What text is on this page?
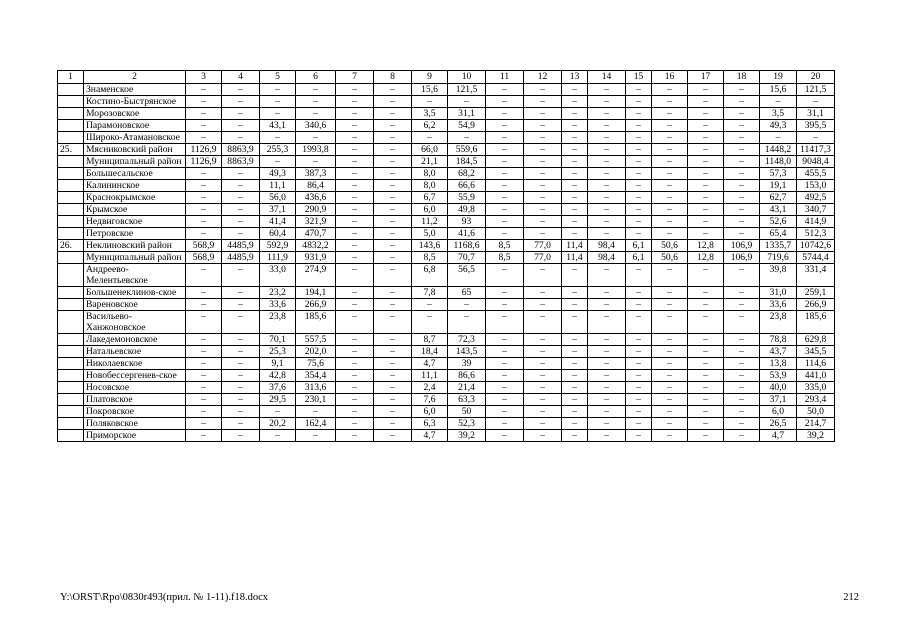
1	2	3	4	5	6	7	8	9	10	11	12	13	14	15	16	17	18	19	20
	Знаменское	–	–	–	–	–	–	15,6	121,5	–	–	–	–	–	–	–	–	15,6	121,5
	Костино-Быстрянское	–	–	–	–	–	–	–	–	–	–	–	–	–	–	–	–	–	–
	Морозовское	–	–	–	–	–	–	3,5	31,1	–	–	–	–	–	–	–	–	3,5	31,1
	Парамоновское	–	–	43,1	340,6	–	–	6,2	54,9	–	–	–	–	–	–	–	–	49,3	395,5
	Широко-Атамановское	–	–	–	–	–	–	–	–	–	–	–	–	–	–	–	–	–	–
25.	Мясниковский район	1126,9	8863,9	255,3	1993,8	–	–	66,0	559,6	–	–	–	–	–	–	–	–	1448,2	11417,3
	Муниципальный район	1126,9	8863,9	–	–	–	–	21,1	184,5	–	–	–	–	–	–	–	–	1148,0	9048,4
	Большесальское	–	–	49,3	387,3	–	–	8,0	68,2	–	–	–	–	–	–	–	–	57,3	455,5
	Калининское	–	–	11,1	86,4	–	–	8,0	66,6	–	–	–	–	–	–	–	–	19,1	153,0
	Краснокрымское	–	–	56,0	436,6	–	–	6,7	55,9	–	–	–	–	–	–	–	–	62,7	492,5
	Крымское	–	–	37,1	290,9	–	–	6,0	49,8	–	–	–	–	–	–	–	–	43,1	340,7
	Недвиговское	–	–	41,4	321,9	–	–	11,2	93	–	–	–	–	–	–	–	–	52,6	414,9
	Петровское	–	–	60,4	470,7	–	–	5,0	41,6	–	–	–	–	–	–	–	–	65,4	512,3
26.	Неклиновский район	568,9	4485,9	592,9	4832,2	–	–	143,6	1168,6	8,5	77,0	11,4	98,4	6,1	50,6	12,8	106,9	1335,7	10742,6
	Муниципальный район	568,9	4485,9	111,9	931,9	–	–	8,5	70,7	8,5	77,0	11,4	98,4	6,1	50,6	12,8	106,9	719,6	5744,4
	Андреево-Мелентьевское	–	–	33,0	274,9	–	–	6,8	56,5	–	–	–	–	–	–	–	–	39,8	331,4
	Большенеклинов-ское	–	–	23,2	194,1	–	–	7,8	65	–	–	–	–	–	–	–	–	31,0	259,1
	Вареновское	–	–	33,6	266,9	–	–	–	–	–	–	–	–	–	–	–	–	33,6	266,9
	Васильево-Ханжоновское	–	–	23,8	185,6	–	–	–	–	–	–	–	–	–	–	–	–	23,8	185,6
	Лакедемоновское	–	–	70,1	557,5	–	–	8,7	72,3	–	–	–	–	–	–	–	–	78,8	629,8
	Натальевское	–	–	25,3	202,0	–	–	18,4	143,5	–	–	–	–	–	–	–	–	43,7	345,5
	Николаевское	–	–	9,1	75,6	–	–	4,7	39	–	–	–	–	–	–	–	–	13,8	114,6
	Новобессергенев-ское	–	–	42,8	354,4	–	–	11,1	86,6	–	–	–	–	–	–	–	–	53,9	441,0
	Носовское	–	–	37,6	313,6	–	–	2,4	21,4	–	–	–	–	–	–	–	–	40,0	335,0
	Платовское	–	–	29,5	230,1	–	–	7,6	63,3	–	–	–	–	–	–	–	–	37,1	293,4
	Покровское	–	–	–	–	–	–	6,0	50	–	–	–	–	–	–	–	–	6,0	50,0
	Поляковское	–	–	20,2	162,4	–	–	6,3	52,3	–	–	–	–	–	–	–	–	26,5	214,7
	Приморское	–	–	–	–	–	–	4,7	39,2	–	–	–	–	–	–	–	–	4,7	39,2
Y:\ORST\Rpo\0830r493(прил. № 1-11).f18.docx	212
